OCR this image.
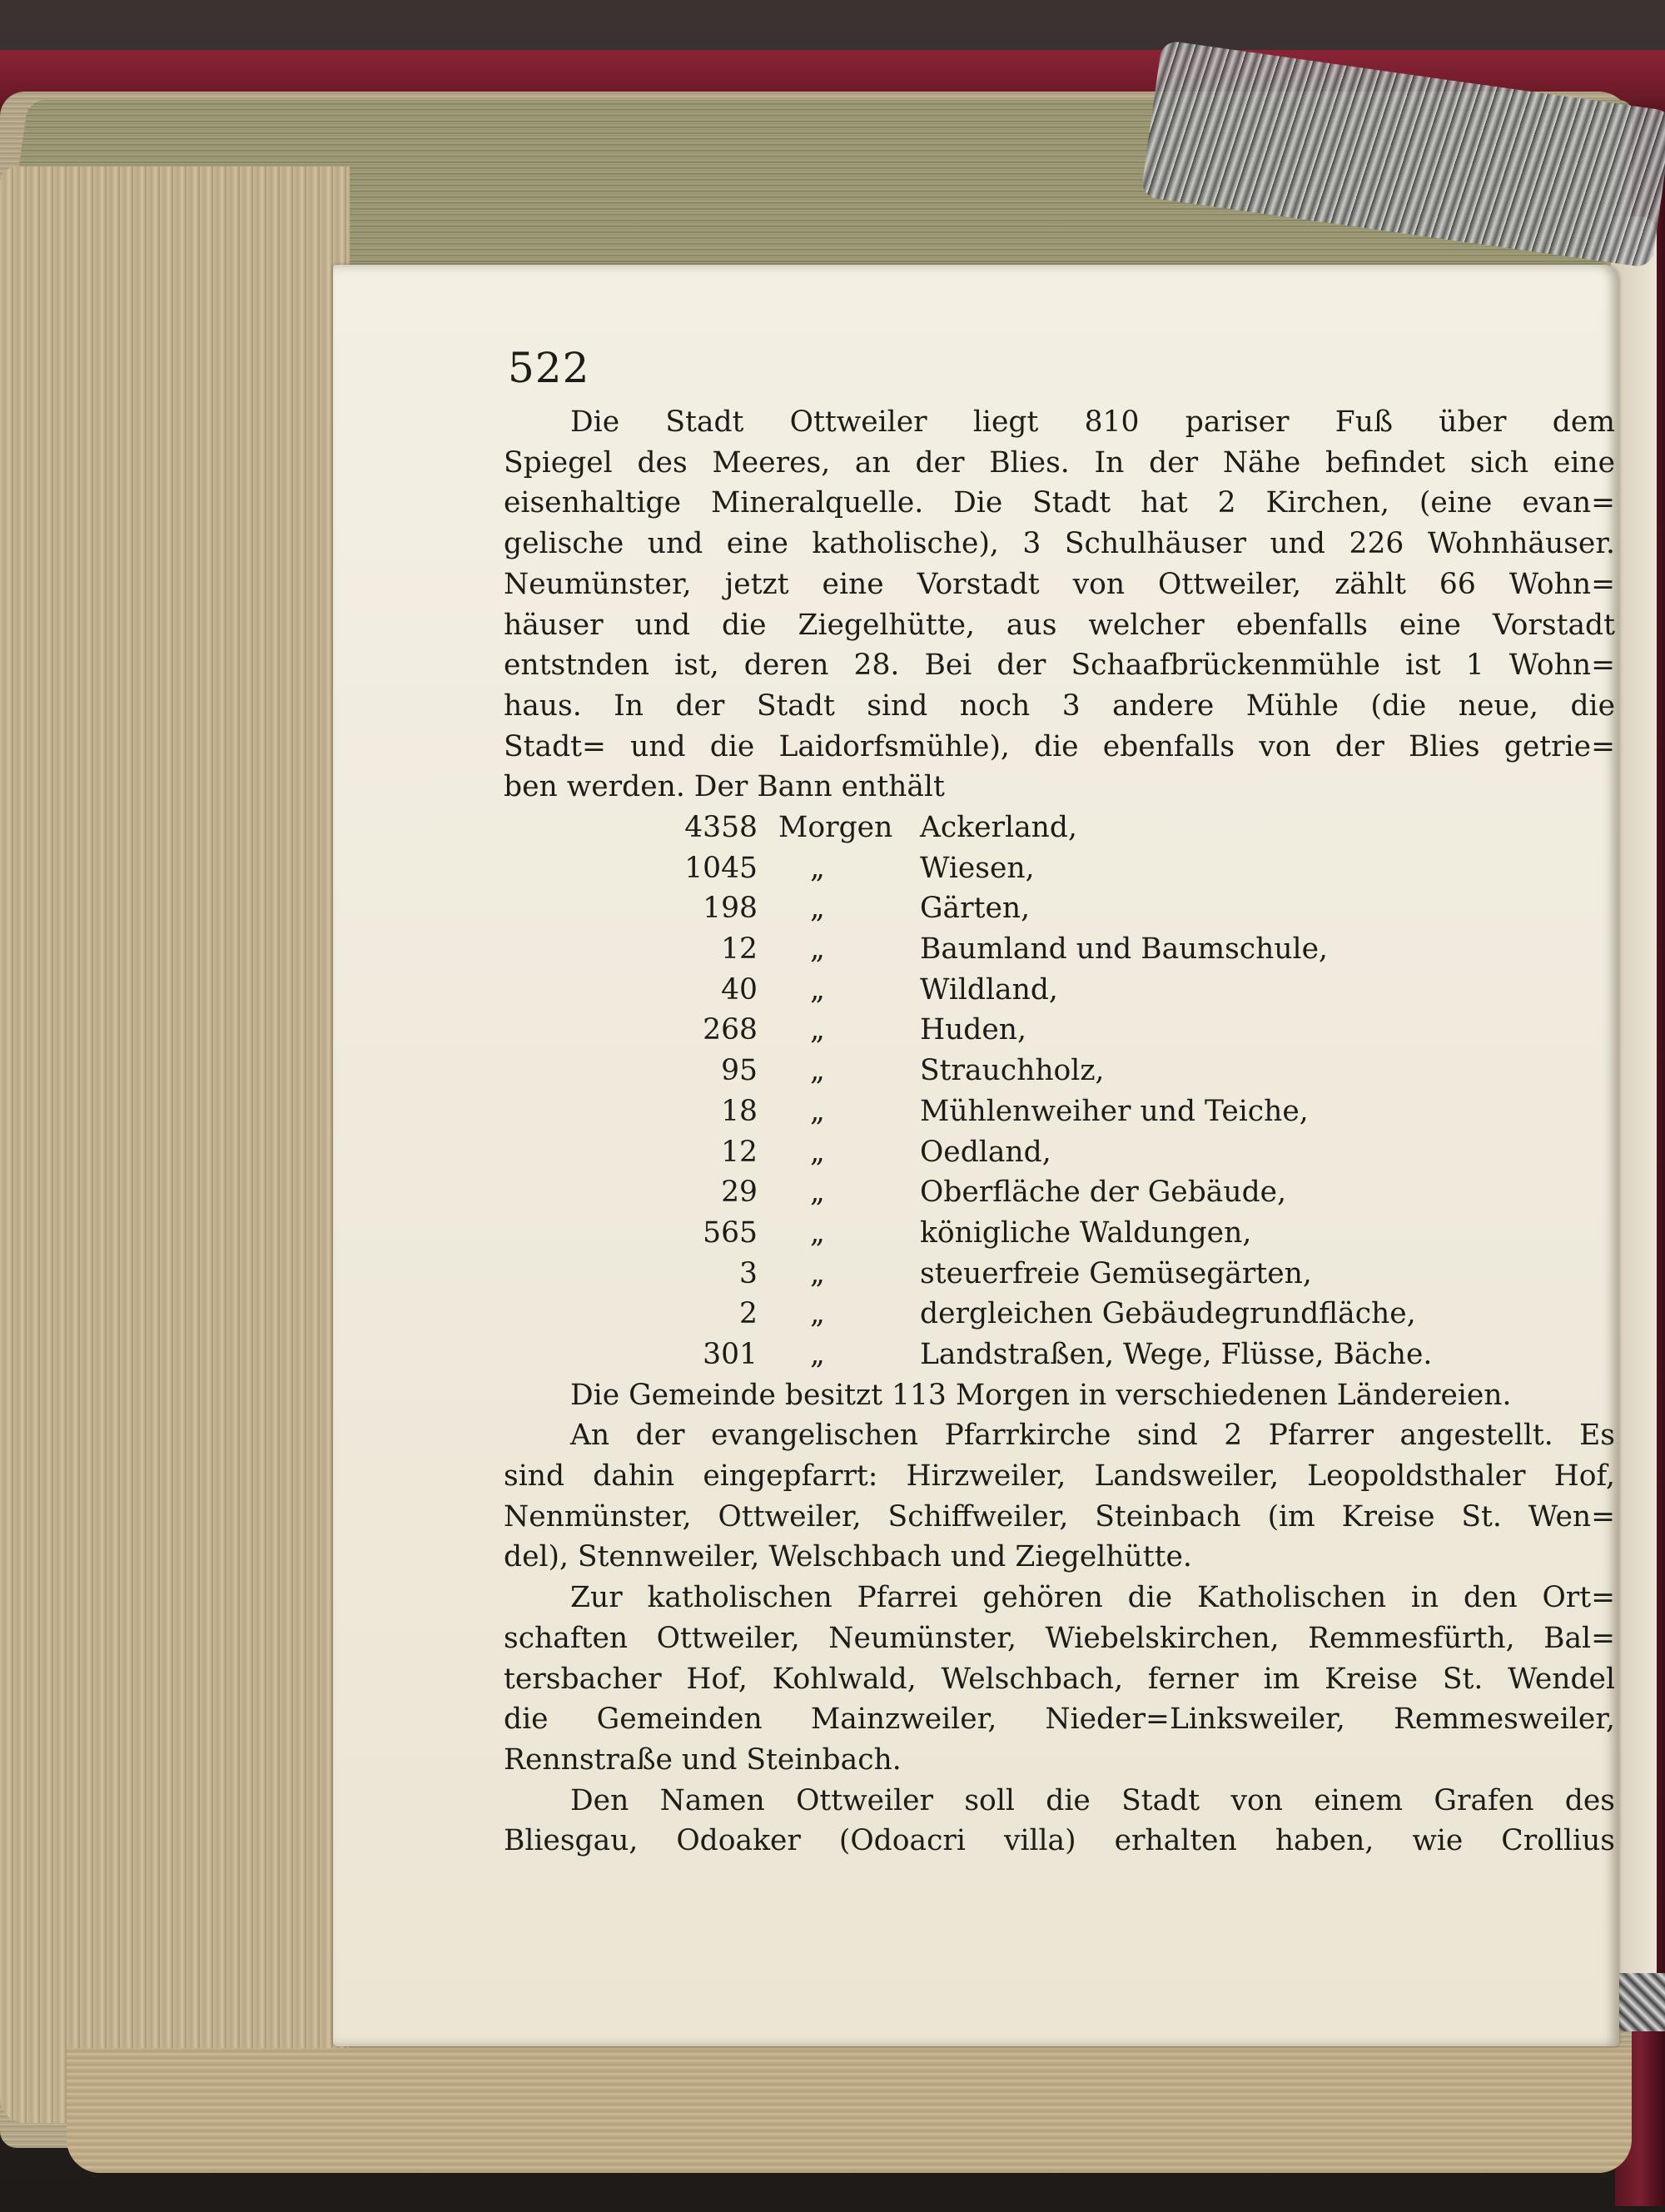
522
Die Stadt Ottweiler liegt 810 pariser Fuß über dem
Spiegel des Meeres, an der Blies. In der Nähe befindet sich eine
eisenhaltige Mineralquelle. Die Stadt hat 2 Kirchen, (eine evan=
gelische und eine katholische), 3 Schulhäuser und 226 Wohnhäuser.
Neumünster, jetzt eine Vorstadt von Ottweiler, zählt 66 Wohn=
häuser und die Ziegelhütte, aus welcher ebenfalls eine Vorstadt
entstnden ist, deren 28. Bei der Schaafbrückenmühle ist 1 Wohn=
haus. In der Stadt sind noch 3 andere Mühle (die neue, die
Stadt= und die Laidorfsmühle), die ebenfalls von der Blies getrie=
ben werden. Der Bann enthält
4358 Morgen Ackerland,
1045 „	Wiesen,
198 „	Gärten,
12 „	Baumland und Baumschule,
40 „	Wildland,
268 „	Huden,
95 „	Strauchholz,
18 „	Mühlenweiher und Teiche,
12 „	Oedland,
29 „	Oberfläche der Gebäude,
565 „	königliche Waldungen,
3 „	steuerfreie Gemüsegärten,
2 „	dergleichen Gebäudegrundfläche,
301 „	Landstraßen, Wege, Flüsse, Bäche.
Die Gemeinde besitzt 113 Morgen in verschiedenen Ländereien.
An der evangelischen Pfarrkirche sind 2 Pfarrer angestellt. Es
sind dahin eingepfarrt: Hirzweiler, Landsweiler, Leopoldsthaler Hof,
Nenmünster, Ottweiler, Schiffweiler, Steinbach (im Kreise St. Wen=
del), Stennweiler, Welschbach und Ziegelhütte.
Zur katholischen Pfarrei gehören die Katholischen in den Ort=
schaften Ottweiler, Neumünster, Wiebelskirchen, Remmesfürth, Bal=
tersbacher Hof, Kohlwald, Welschbach, ferner im Kreise St. Wendel
die Gemeinden Mainzweiler, Nieder=Linksweiler, Remmesweiler,
Rennstraße und Steinbach.
Den Namen Ottweiler soll die Stadt von einem Grafen des
Bliesgau, Odoaker (Odoacri villa) erhalten haben, wie Crollius
